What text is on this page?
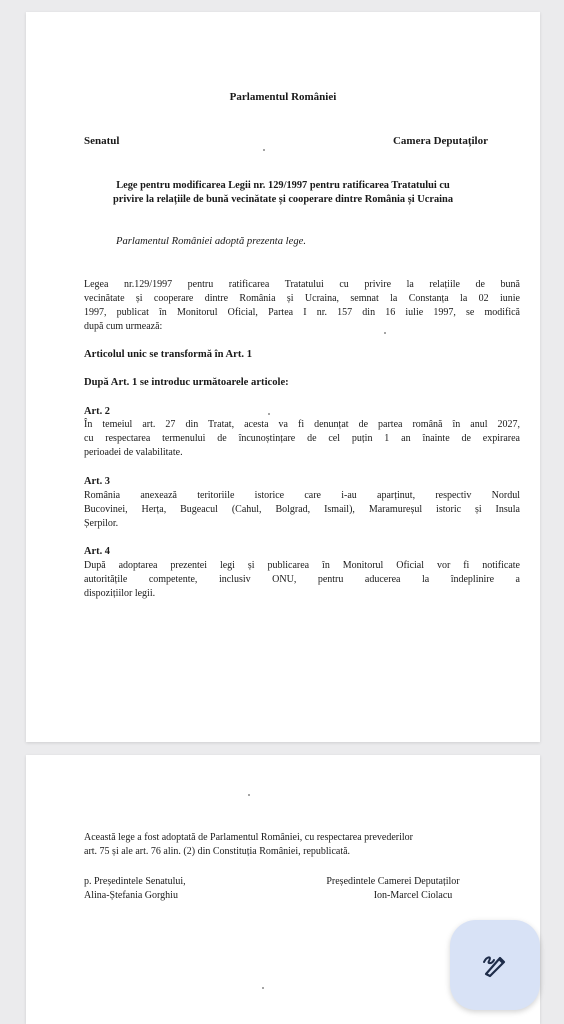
Parlamentul României
Senatul	Camera Deputaților
Lege pentru modificarea Legii nr. 129/1997 pentru ratificarea Tratatului cu
privire la relațiile de bună vecinătate și cooperare dintre România și Ucraina
Parlamentul României adoptă prezenta lege.
Legea nr.129/1997 pentru ratificarea Tratatului cu privire la relațiile de bună
vecinătate și cooperare dintre România și Ucraina, semnat la Constanța la 02 iunie
1997, publicat în Monitorul Oficial, Partea I nr. 157 din 16 iulie 1997, se modifică
după cum urmează:
Articolul unic se transformă în Art. 1
După Art. 1 se introduc următoarele articole:
Art. 2
În temeiul art. 27 din Tratat, acesta va fi denunțat de partea română în anul 2027,
cu respectarea termenului de încunoștințare de cel puțin 1 an înainte de expirarea
perioadei de valabilitate.
Art. 3
România anexează teritoriile istorice care i-au aparținut, respectiv Nordul
Bucovinei, Herța, Bugeacul (Cahul, Bolgrad, Ismail), Maramureșul istoric și Insula
Șerpilor.
Art. 4
După adoptarea prezentei legi și publicarea în Monitorul Oficial vor fi notificate
autoritățile competente, inclusiv ONU, pentru aducerea la îndeplinire a
dispozițiilor legii.
Această lege a fost adoptată de Parlamentul României, cu respectarea prevederilor
art. 75 și ale art. 76 alin. (2) din Constituția României, republicată.
p. Președintele Senatului,
Alina-Ștefania Gorghiu
Președintele Camerei Deputaților
Ion-Marcel Ciolacu
